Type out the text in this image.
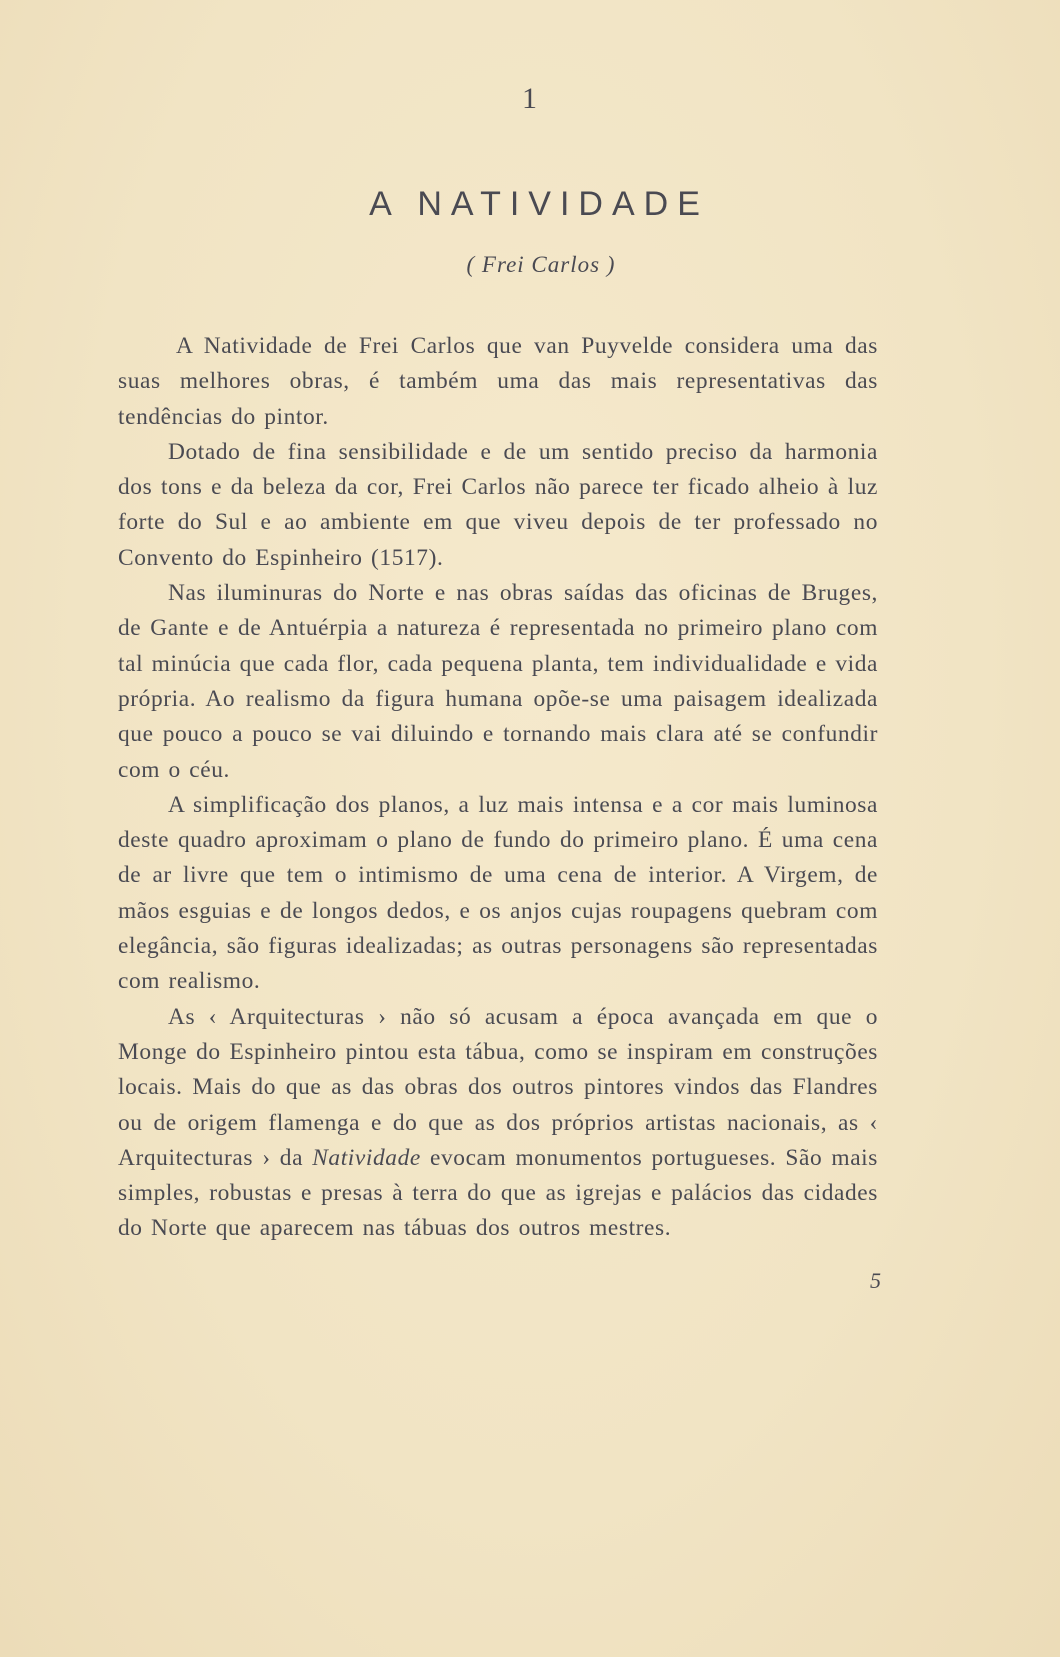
1
A NATIVIDADE
( Frei Carlos )

A Natividade de Frei Carlos que van Puyvelde considera uma das suas melhores obras, é também uma das mais representativas das tendências do pintor.

Dotado de fina sensibilidade e de um sentido preciso da harmonia dos tons e da beleza da cor, Frei Carlos não parece ter ficado alheio à luz forte do Sul e ao ambiente em que viveu depois de ter professado no Convento do Espinheiro (1517).

Nas iluminuras do Norte e nas obras saídas das oficinas de Bruges, de Gante e de Antuérpia a natureza é representada no primeiro plano com tal minúcia que cada flor, cada pequena planta, tem individualidade e vida própria. Ao realismo da figura humana opõe-se uma paisagem idealizada que pouco a pouco se vai diluindo e tornando mais clara até se confundir com o céu.

A simplificação dos planos, a luz mais intensa e a cor mais luminosa deste quadro aproximam o plano de fundo do primeiro plano. É uma cena de ar livre que tem o intimismo de uma cena de interior. A Virgem, de mãos esguias e de longos dedos, e os anjos cujas roupagens quebram com elegância, são figuras idealizadas; as outras personagens são representadas com realismo.

As ‹ Arquitecturas › não só acusam a época avançada em que o Monge do Espinheiro pintou esta tábua, como se inspiram em construções locais. Mais do que as das obras dos outros pintores vindos das Flandres ou de origem flamenga e do que as dos próprios artistas nacionais, as ‹ Arquitecturas › da Natividade evocam monumentos portugueses. São mais simples, robustas e presas à terra do que as igrejas e palácios das cidades do Norte que aparecem nas tábuas dos outros mestres.

5
